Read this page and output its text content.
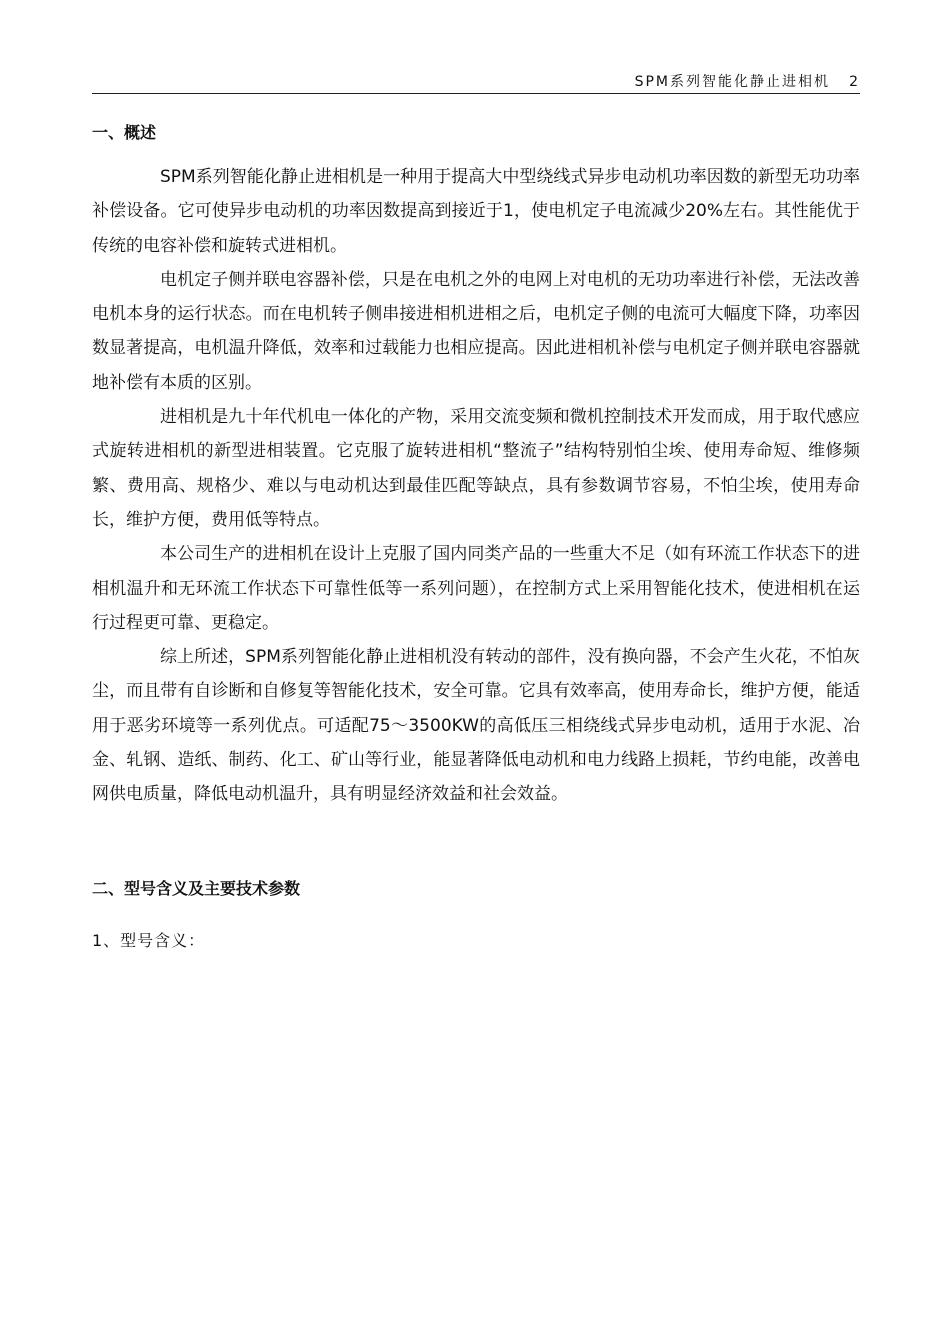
SPM系列智能化静止进相机 2
一、概述

SPM系列智能化静止进相机是一种用于提高大中型绕线式异步电动机功率因数的新型无功功率补偿设备。它可使异步电动机的功率因数提高到接近于1，使电机定子电流减少20%左右。其性能优于传统的电容补偿和旋转式进相机。

电机定子侧并联电容器补偿，只是在电机之外的电网上对电机的无功功率进行补偿，无法改善电机本身的运行状态。而在电机转子侧串接进相机进相之后，电机定子侧的电流可大幅度下降，功率因数显著提高，电机温升降低，效率和过载能力也相应提高。因此进相机补偿与电机定子侧并联电容器就地补偿有本质的区别。

进相机是九十年代机电一体化的产物，采用交流变频和微机控制技术开发而成，用于取代感应式旋转进相机的新型进相装置。它克服了旋转进相机“整流子”结构特别怕尘埃、使用寿命短、维修频繁、费用高、规格少、难以与电动机达到最佳匹配等缺点，具有参数调节容易，不怕尘埃，使用寿命长，维护方便，费用低等特点。

本公司生产的进相机在设计上克服了国内同类产品的一些重大不足（如有环流工作状态下的进相机温升和无环流工作状态下可靠性低等一系列问题），在控制方式上采用智能化技术，使进相机在运行过程更可靠、更稳定。

综上所述，SPM系列智能化静止进相机没有转动的部件，没有换向器，不会产生火花，不怕灰尘，而且带有自诊断和自修复等智能化技术，安全可靠。它具有效率高，使用寿命长，维护方便，能适用于恶劣环境等一系列优点。可适配75～3500KW的高低压三相绕线式异步电动机，适用于水泥、冶金、轧钢、造纸、制药、化工、矿山等行业，能显著降低电动机和电力线路上损耗，节约电能，改善电网供电质量，降低电动机温升，具有明显经济效益和社会效益。

二、型号含义及主要技术参数

1、型号含义：
